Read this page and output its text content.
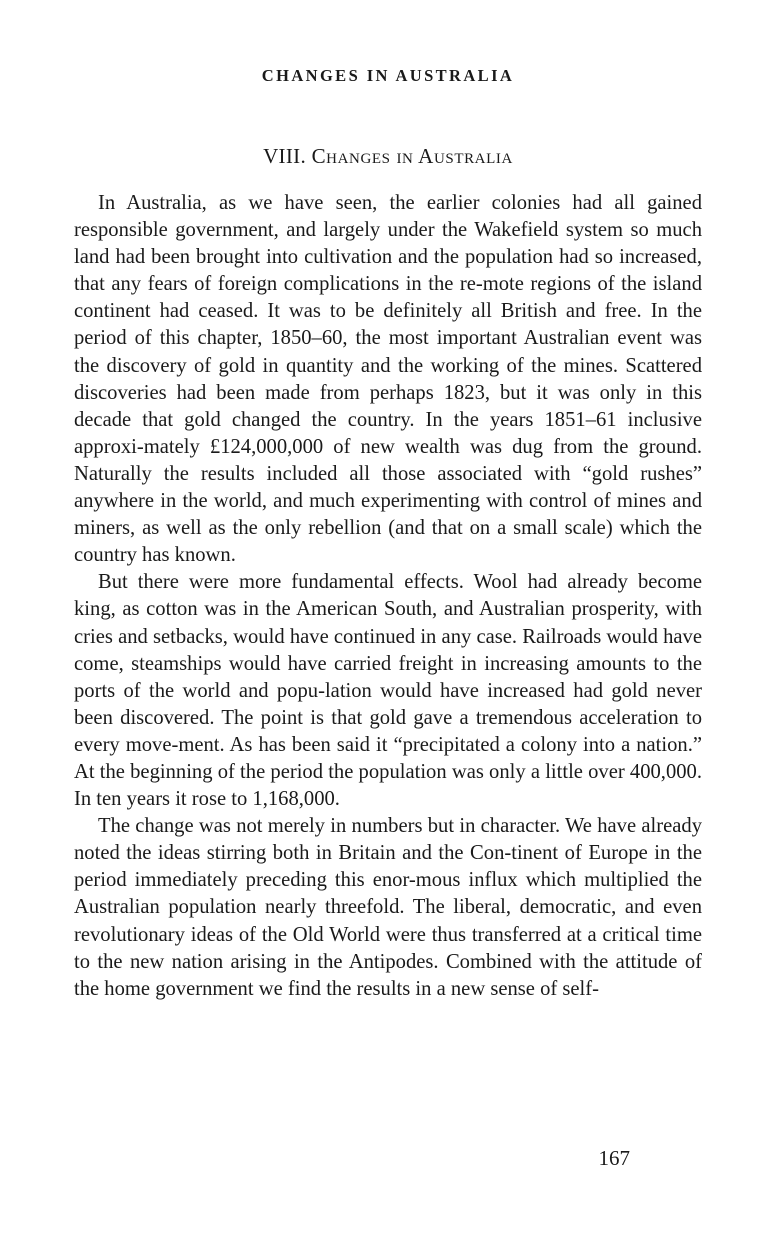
CHANGES IN AUSTRALIA

VIII. Changes in Australia

In Australia, as we have seen, the earlier colonies had all gained responsible government, and largely under the Wakefield system so much land had been brought into cultivation and the population had so increased, that any fears of foreign complications in the re-mote regions of the island continent had ceased. It was to be definitely all British and free. In the period of this chapter, 1850–60, the most important Australian event was the discovery of gold in quantity and the working of the mines. Scattered discoveries had been made from perhaps 1823, but it was only in this decade that gold changed the country. In the years 1851–61 inclusive approxi-mately £124,000,000 of new wealth was dug from the ground. Naturally the results included all those associated with “gold rushes” anywhere in the world, and much experimenting with control of mines and miners, as well as the only rebellion (and that on a small scale) which the country has known.

But there were more fundamental effects. Wool had already become king, as cotton was in the American South, and Australian prosperity, with cries and setbacks, would have continued in any case. Railroads would have come, steamships would have carried freight in increasing amounts to the ports of the world and popu-lation would have increased had gold never been discovered. The point is that gold gave a tremendous acceleration to every move-ment. As has been said it “precipitated a colony into a nation.” At the beginning of the period the population was only a little over 400,000. In ten years it rose to 1,168,000.

The change was not merely in numbers but in character. We have already noted the ideas stirring both in Britain and the Con-tinent of Europe in the period immediately preceding this enor-mous influx which multiplied the Australian population nearly threefold. The liberal, democratic, and even revolutionary ideas of the Old World were thus transferred at a critical time to the new nation arising in the Antipodes. Combined with the attitude of the home government we find the results in a new sense of self-

167
